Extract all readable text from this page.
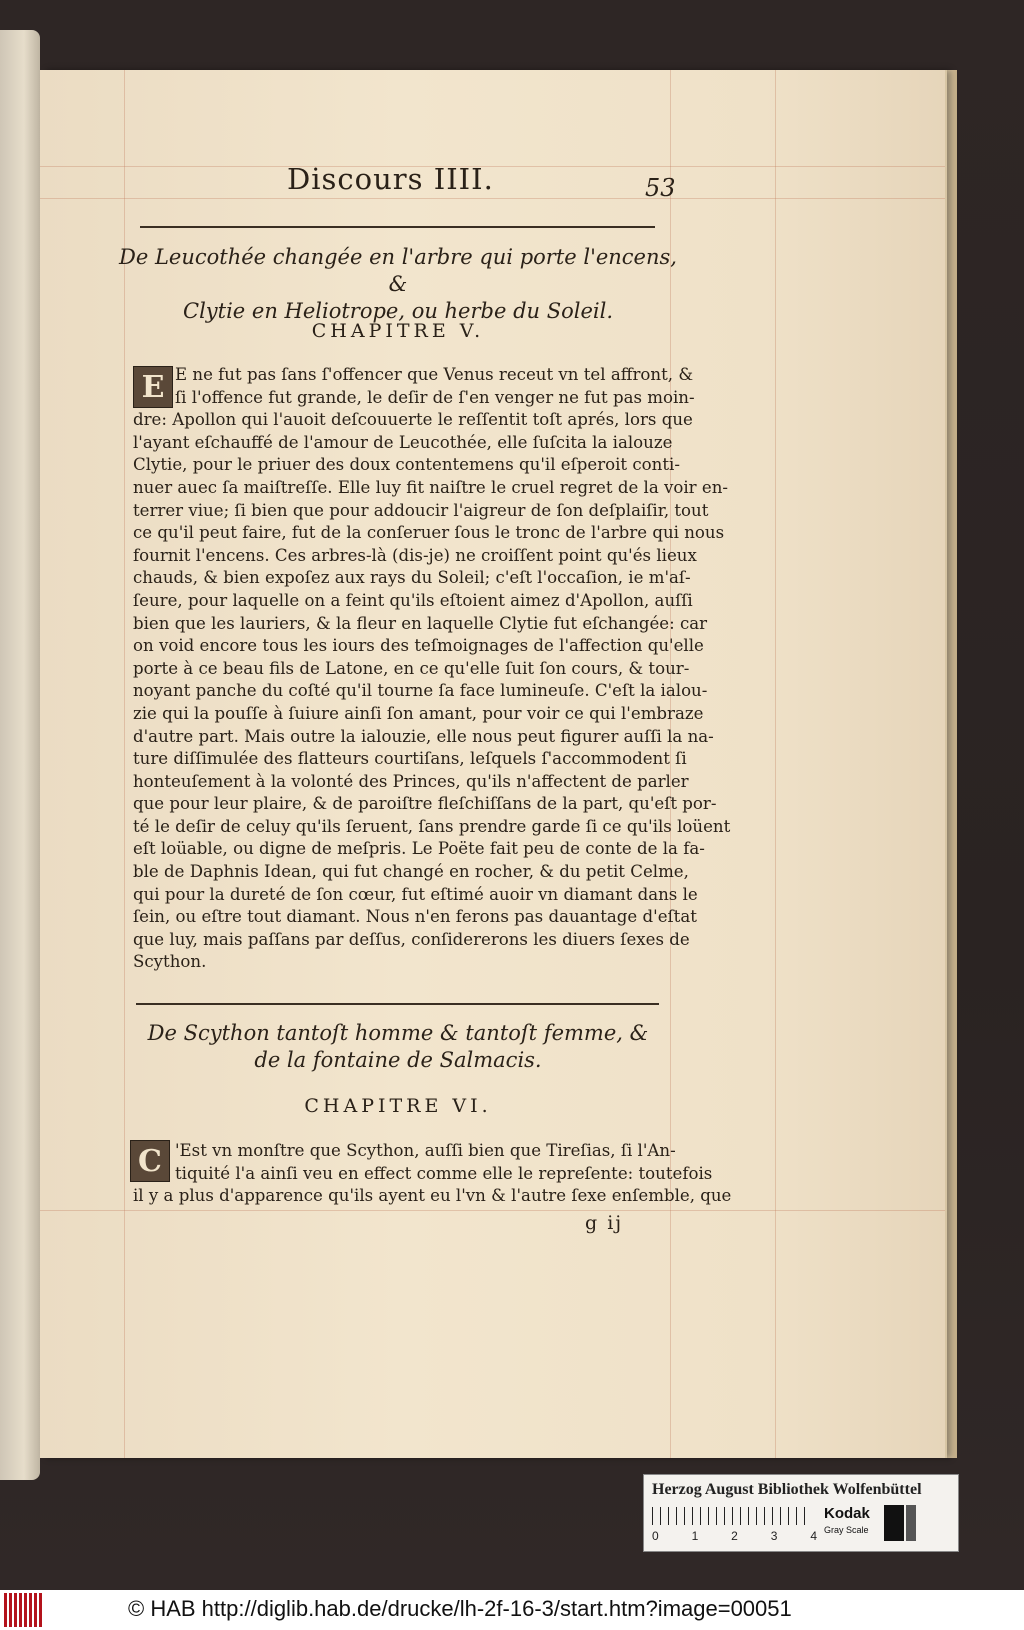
Discours IIII.	53
De Leucothée changée en l'arbre qui porte l'encens, &
Clytie en Heliotrope, ou herbe du Soleil.
CHAPITRE V.
E E ne fut pas ſans ſ'offencer que Venus receut vn tel affront, &
ſi l'offence fut grande, le deſir de ſ'en venger ne fut pas moin-
dre: Apollon qui l'auoit deſcouuerte le reſſentit toſt aprés, lors que
l'ayant eſchauffé de l'amour de Leucothée, elle ſuſcita la ialouze
Clytie, pour le priuer des doux contentemens qu'il eſperoit conti-
nuer auec ſa maiſtreſſe. Elle luy fit naiſtre le cruel regret de la voir en-
terrer viue; ſi bien que pour addoucir l'aigreur de ſon deſplaiſir, tout
ce qu'il peut faire, fut de la conſeruer ſous le tronc de l'arbre qui nous
fournit l'encens. Ces arbres-là (dis-je) ne croiſſent point qu'és lieux
chauds, & bien expoſez aux rays du Soleil; c'eſt l'occaſion, ie m'aſ-
ſeure, pour laquelle on a feint qu'ils eſtoient aimez d'Apollon, auſſi
bien que les lauriers, & la fleur en laquelle Clytie fut eſchangée: car
on void encore tous les iours des teſmoignages de l'affection qu'elle
porte à ce beau fils de Latone, en ce qu'elle ſuit ſon cours, & tour-
noyant panche du coſté qu'il tourne ſa face lumineuſe. C'eſt la ialou-
zie qui la pouſſe à ſuiure ainſi ſon amant, pour voir ce qui l'embraze
d'autre part. Mais outre la ialouzie, elle nous peut figurer auſſi la na-
ture diſſimulée des flatteurs courtiſans, leſquels ſ'accommodent ſi
honteuſement à la volonté des Princes, qu'ils n'affectent de parler
que pour leur plaire, & de paroiſtre fleſchiſſans de la part, qu'eſt por-
té le deſir de celuy qu'ils ſeruent, ſans prendre garde ſi ce qu'ils loüent
eſt loüable, ou digne de meſpris. Le Poëte fait peu de conte de la fa-
ble de Daphnis Idean, qui fut changé en rocher, & du petit Celme,
qui pour la dureté de ſon cœur, fut eſtimé auoir vn diamant dans le
ſein, ou eſtre tout diamant. Nous n'en ferons pas dauantage d'eſtat
que luy, mais paſſans par deſſus, conſidererons les diuers ſexes de
Scython.
De Scython tantoſt homme & tantoſt femme, &
de la fontaine de Salmacis.
CHAPITRE VI.
C 'Est vn monſtre que Scython, auſſi bien que Tireſias, ſi l'An-
tiquité l'a ainſi veu en effect comme elle le repreſente: toutefois
il y a plus d'apparence qu'ils ayent eu l'vn & l'autre ſexe enſemble, que
g ij
Herzog August Bibliothek Wolfenbüttel
0	1	2	3	4
Kodak
Gray Scale
© HAB http://diglib.hab.de/drucke/lh-2f-16-3/start.htm?image=00051
